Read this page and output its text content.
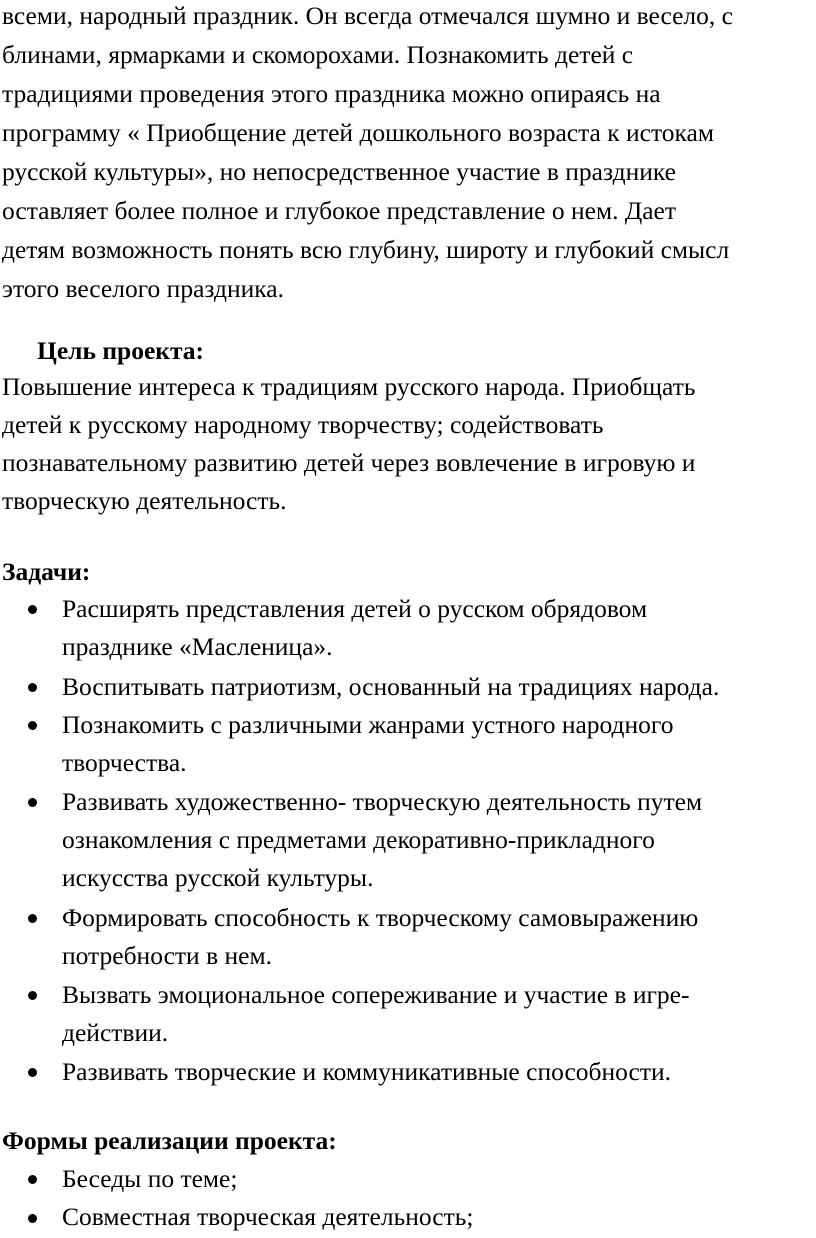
всеми, народный праздник. Он всегда отмечался шумно и весело, с
блинами, ярмарками и скоморохами. Познакомить детей с
традициями проведения этого праздника можно опираясь на
программу « Приобщение детей дошкольного возраста к истокам
русской культуры», но непосредственное участие в празднике
оставляет более полное и глубокое представление о нем. Дает
детям возможность понять всю глубину, широту и глубокий смысл
этого веселого праздника.
Цель проекта:
Повышение интереса к традициям русского народа. Приобщать
детей к русскому народному творчеству; содействовать
познавательному развитию детей через вовлечение в игровую и
творческую деятельность.
Задачи:
Расширять представления детей о русском обрядовом
празднике «Масленица».
Воспитывать патриотизм, основанный на традициях народа.
Познакомить с различными жанрами устного народного
творчества.
Развивать художественно- творческую деятельность путем
ознакомления с предметами декоративно-прикладного
искусства русской культуры.
Формировать способность к творческому самовыражению
потребности в нем.
Вызвать эмоциональное сопереживание и участие в игре-
действии.
Развивать творческие и коммуникативные способности.
Формы реализации проекта:
Беседы по теме;
Совместная творческая деятельность;
